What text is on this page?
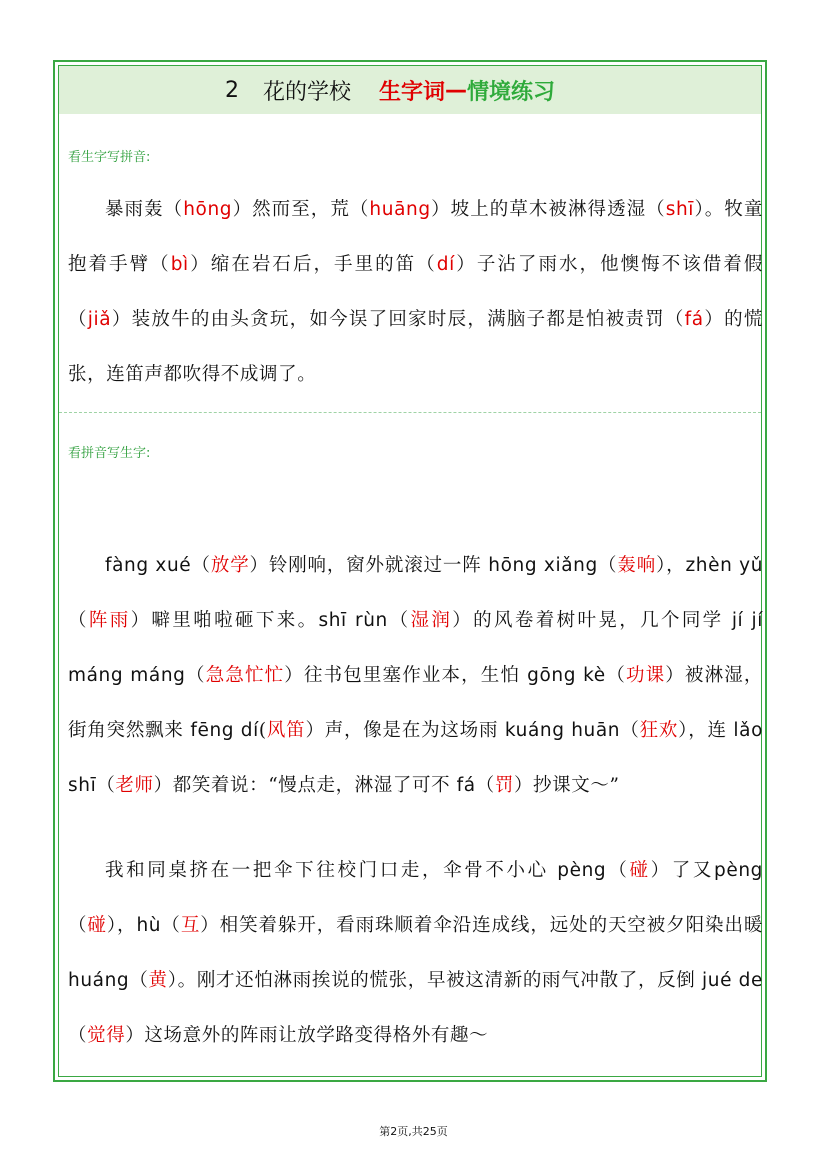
2 花的学校 生字词 — 情境练习
看生字写拼音:
暴雨轰（hōng）然而至，荒（huāng）坡上的草木被淋得透湿（shī）。牧童抱着手臂（bì）缩在岩石后，手里的笛（dí）子沾了雨水，他懊悔不该借着假（jiǎ）装放牛的由头贪玩，如今误了回家时辰，满脑子都是怕被责罚（fá）的慌张，连笛声都吹得不成调了。
看拼音写生字:
fàng xué（放学）铃刚响，窗外就滚过一阵 hōng xiǎng（轰响），zhèn yǔ（阵雨）噼里啪啦砸下来。shī rùn（湿润）的风卷着树叶晃，几个同学 jí jí máng máng（急急忙忙）往书包里塞作业本，生怕 gōng kè（功课）被淋湿，街角突然飘来 fēng dí(风笛）声，像是在为这场雨 kuáng huān（狂欢），连 lǎo shī（老师）都笑着说：“慢点走，淋湿了可不 fá（罚）抄课文～”
我和同桌挤在一把伞下往校门口走，伞骨不小心 pèng（碰）了又pèng（碰），hù（互）相笑着躲开，看雨珠顺着伞沿连成线，远处的天空被夕阳染出暖 huáng（黄）。刚才还怕淋雨挨说的慌张，早被这清新的雨气冲散了，反倒 jué de（觉得）这场意外的阵雨让放学路变得格外有趣～
第2页,共25页
